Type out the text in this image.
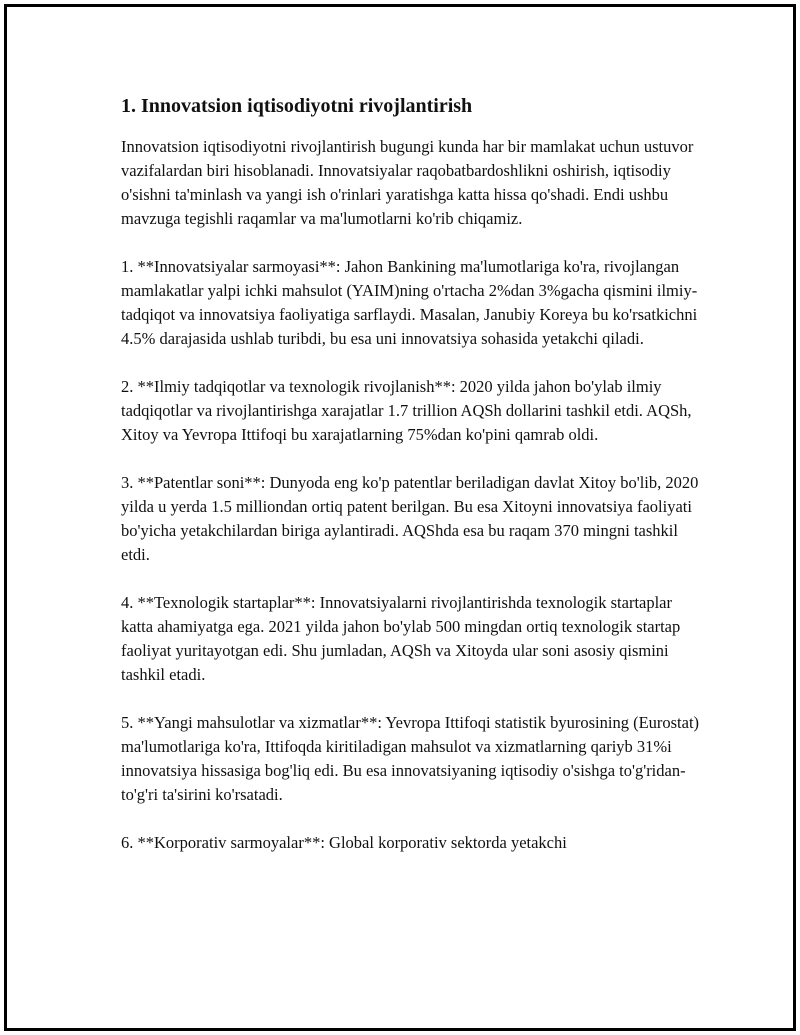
1. Innovatsion iqtisodiyotni rivojlantirish

Innovatsion iqtisodiyotni rivojlantirish bugungi kunda har bir mamlakat uchun ustuvor vazifalardan biri hisoblanadi. Innovatsiyalar raqobatbardoshlikni oshirish, iqtisodiy o'sishni ta'minlash va yangi ish o'rinlari yaratishga katta hissa qo'shadi. Endi ushbu mavzuga tegishli raqamlar va ma'lumotlarni ko'rib chiqamiz.

1. **Innovatsiyalar sarmoyasi**: Jahon Bankining ma'lumotlariga ko'ra, rivojlangan mamlakatlar yalpi ichki mahsulot (YAIM)ning o'rtacha 2%dan 3%gacha qismini ilmiy-tadqiqot va innovatsiya faoliyatiga sarflaydi. Masalan, Janubiy Koreya bu ko'rsatkichni 4.5% darajasida ushlab turibdi, bu esa uni innovatsiya sohasida yetakchi qiladi.

2. **Ilmiy tadqiqotlar va texnologik rivojlanish**: 2020 yilda jahon bo'ylab ilmiy tadqiqotlar va rivojlantirishga xarajatlar 1.7 trillion AQSh dollarini tashkil etdi. AQSh, Xitoy va Yevropa Ittifoqi bu xarajatlarning 75%dan ko'pini qamrab oldi.

3. **Patentlar soni**: Dunyoda eng ko'p patentlar beriladigan davlat Xitoy bo'lib, 2020 yilda u yerda 1.5 milliondan ortiq patent berilgan. Bu esa Xitoyni innovatsiya faoliyati bo'yicha yetakchilardan biriga aylantiradi. AQShda esa bu raqam 370 mingni tashkil etdi.

4. **Texnologik startaplar**: Innovatsiyalarni rivojlantirishda texnologik startaplar katta ahamiyatga ega. 2021 yilda jahon bo'ylab 500 mingdan ortiq texnologik startap faoliyat yuritayotgan edi. Shu jumladan, AQSh va Xitoyda ular soni asosiy qismini tashkil etadi.

5. **Yangi mahsulotlar va xizmatlar**: Yevropa Ittifoqi statistik byurosining (Eurostat) ma'lumotlariga ko'ra, Ittifoqda kiritiladigan mahsulot va xizmatlarning qariyb 31%i innovatsiya hissasiga bog'liq edi. Bu esa innovatsiyaning iqtisodiy o'sishga to'g'ridan-to'g'ri ta'sirini ko'rsatadi.

6. **Korporativ sarmoyalar**: Global korporativ sektorda yetakchi
